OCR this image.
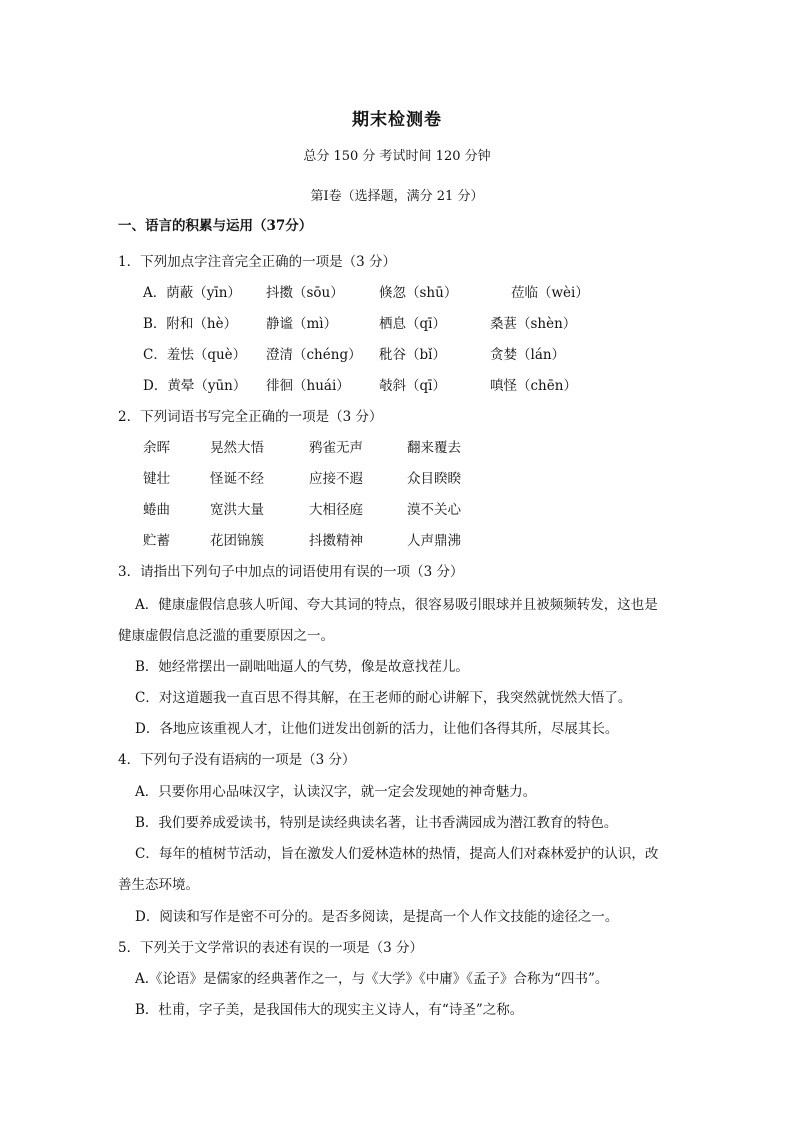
期末检测卷
总分 150 分 考试时间 120 分钟
第Ⅰ卷（选择题，满分 21 分）
一、语言的积累与运用（37分）
1．下列加点字注音完全正确的一项是（3 分）
A．荫蔽（yīn） 抖擞（sōu）	倏忽（shū）	莅临（wèi）
B．附和（hè） 静谧（mì）	栖息（qī）	桑葚（shèn）
C．羞怯（què） 澄清（chéng） 秕谷（bǐ）	贪婪（lán）
D．黄晕（yūn） 徘徊（huái） 攲斜（qī）	嗔怪（chēn）
2．下列词语书写完全正确的一项是（3 分）
余晖	晃然大悟	鸦雀无声	翻来覆去
键壮	怪诞不经	应接不遐	众目睽睽
蜷曲	宽洪大量	大相径庭	漠不关心
贮蓄	花团锦簇	抖擞精神	人声鼎沸
3．请指出下列句子中加点的词语使用有误的一项（3 分）
A．健康虚假信息骇人听闻、夸大其词的特点，很容易吸引眼球并且被频频转发，这也是
健康虚假信息泛滥的重要原因之一。
B．她经常摆出一副咄咄逼人的气势，像是故意找茬儿。
C．对这道题我一直百思不得其解，在王老师的耐心讲解下，我突然就恍然大悟了。
D．各地应该重视人才，让他们迸发出创新的活力，让他们各得其所，尽展其长。
4．下列句子没有语病的一项是（3 分）
A．只要你用心品味汉字，认读汉字，就一定会发现她的神奇魅力。
B．我们要养成爱读书，特别是读经典读名著，让书香满园成为潜江教育的特色。
C．每年的植树节活动，旨在激发人们爱林造林的热情，提高人们对森林爱护的认识，改
善生态环境。
D．阅读和写作是密不可分的。是否多阅读，是提高一个人作文技能的途径之一。
5．下列关于文学常识的表述有误的一项是（3 分）
A.《论语》是儒家的经典著作之一，与《大学》《中庸》《孟子》合称为“四书”。
B．杜甫，字子美，是我国伟大的现实主义诗人，有“诗圣”之称。
